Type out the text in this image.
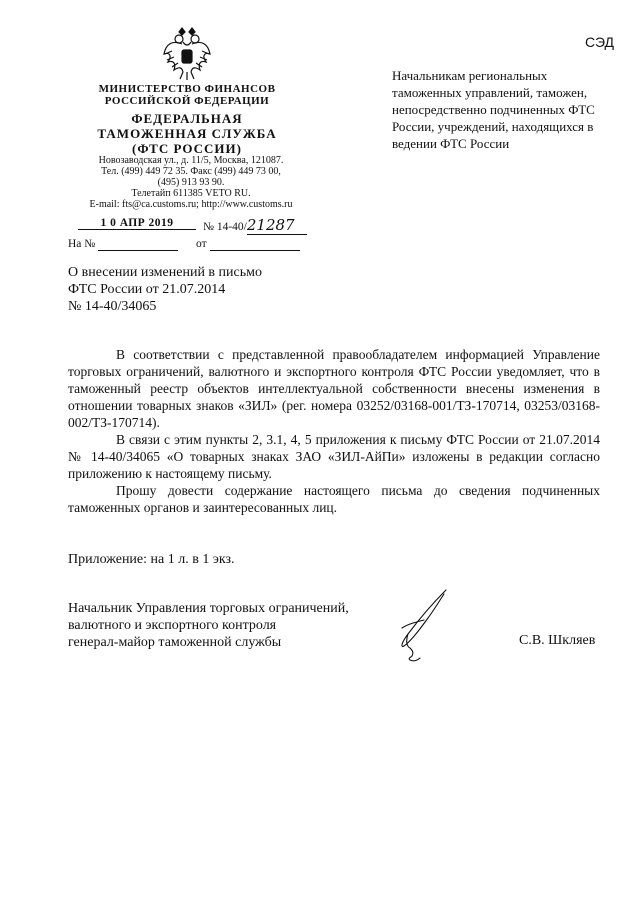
СЭД
МИНИСТЕРСТВО ФИНАНСОВ
РОССИЙСКОЙ ФЕДЕРАЦИИ
ФЕДЕРАЛЬНАЯ
ТАМОЖЕННАЯ СЛУЖБА
(ФТС РОССИИ)
Новозаводская ул., д. 11/5, Москва, 121087.
Тел. (499) 449 72 35. Факс (499) 449 73 00,
(495) 913 93 90.
Телетайп 611385 VETO RU.
E-mail: fts@ca.customs.ru; http://www.customs.ru
1 0 АПР 2019	№ 14-40/21287
На №	от
Начальникам региональных таможенных управлений, таможен, непосредственно подчиненных ФТС России, учреждений, находящихся в ведении ФТС России
О внесении изменений в письмо
ФТС России от 21.07.2014
№ 14-40/34065

В соответствии с представленной правообладателем информацией Управление торговых ограничений, валютного и экспортного контроля ФТС России уведомляет, что в таможенный реестр объектов интеллектуальной собственности внесены изменения в отношении товарных знаков «ЗИЛ» (рег. номера 03252/03168-001/ТЗ-170714, 03253/03168-002/ТЗ-170714).

В связи с этим пункты 2, 3.1, 4, 5 приложения к письму ФТС России от 21.07.2014 № 14-40/34065 «О товарных знаках ЗАО «ЗИЛ-АйПи» изложены в редакции согласно приложению к настоящему письму.

Прошу довести содержание настоящего письма до сведения подчиненных таможенных органов и заинтересованных лиц.

Приложение: на 1 л. в 1 экз.
Начальник Управления торговых ограничений,
валютного и экспортного контроля
генерал-майор таможенной службы	С.В. Шкляев
